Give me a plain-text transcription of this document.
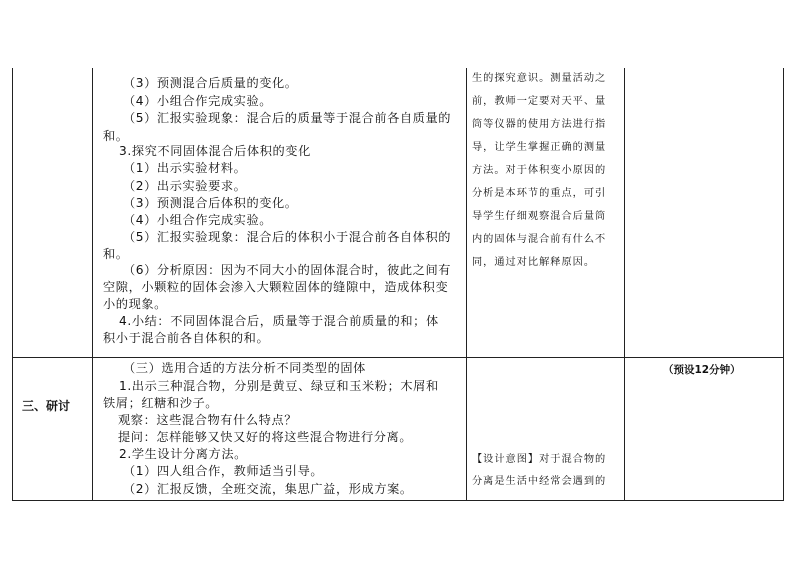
（3）预测混合后质量的变化。
（4）小组合作完成实验。
（5）汇报实验现象：混合后的质量等于混合前各自质量的
和。
3.探究不同固体混合后体积的变化
（1）出示实验材料。
（2）出示实验要求。
（3）预测混合后体积的变化。
（4）小组合作完成实验。
（5）汇报实验现象：混合后的体积小于混合前各自体积的
和。
（6）分析原因：因为不同大小的固体混合时，彼此之间有
空隙，小颗粒的固体会渗入大颗粒固体的缝隙中，造成体积变
小的现象。
4.小结：不同固体混合后，质量等于混合前质量的和；体
积小于混合前各自体积的和。
生的探究意识。测量活动之
前，教师一定要对天平、量
筒等仪器的使用方法进行指
导，让学生掌握正确的测量
方法。对于体积变小原因的
分析是本环节的重点，可引
导学生仔细观察混合后量筒
内的固体与混合前有什么不
同，通过对比解释原因。
三、研讨
（三）选用合适的方法分析不同类型的固体
1.出示三种混合物，分别是黄豆、绿豆和玉米粉；木屑和
铁屑；红糖和沙子。
观察：这些混合物有什么特点？
提问：怎样能够又快又好的将这些混合物进行分离。
2.学生设计分离方法。
（1）四人组合作，教师适当引导。
（2）汇报反馈，全班交流，集思广益，形成方案。
【设计意图】对于混合物的
分离是生活中经常会遇到的
（预设12分钟）
